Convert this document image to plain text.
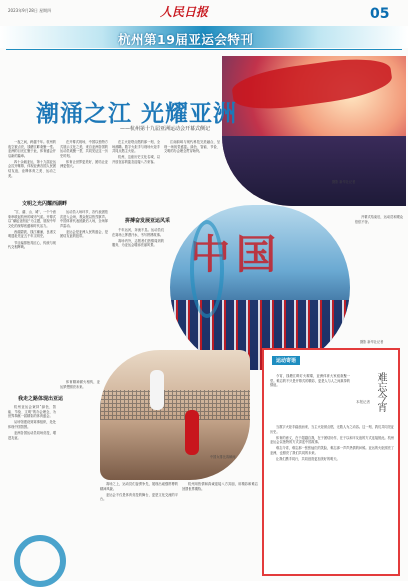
2023年9月28日 星期四	人民日报	05
杭州第19届亚运会特刊
潮涌之江 光耀亚洲
——杭州第十九届亚洲运动会开幕式侧记

一夜之间，跨越千年。杭州的夜空被点亮，钱塘江畔欢聚一堂。亚洲的目光汇聚于此，体育盛会开启新的篇章。

四十余载亚运，第十九届亚运会拉开帷幕，体现亚洲各国人民团结友谊，诠释体育之美、运动之美。

在开幕式现场，中国以独特方式展示文化之美，来自亚洲各国的运动员欢聚一堂，共同见证这一历史时刻。

体育让世界更美好，团结让亚洲更强大。

在主火炬塔点燃的那一刻，全场沸腾。数字火炬手与现场火炬手共同点燃主火炬。

杭州，这座历史文化名城，以开放包容的姿态迎接八方来客。

江南韵味与现代科技完美融合，呈现一场视觉盛宴。绿色、智能、节俭、文明的办会理念贯穿始终。

文明之光闪耀西湖畔

“江、湖、山、城”，一个个意象串联起杭州的城市气质。开幕式以“潮起亚细亚”为主题，展现中华文化的深厚底蕴和时代活力。

西湖碧波，钱江潮涌，良渚文明遗址见证五千年文明史。

节目编排独具匠心，传统与现代交相辉映。

运动员入场环节，各代表团依次进入会场，观众报以热烈掌声。中国体育代表团最后入场，全场掌声雷动。

亚运会是亚洲人民的盛会，是团结友谊的纽带。	中国
拼搏奋发展亚运风采

千年运河，奔流不息。运动员们在赛场上挥洒汗水，书写拼搏故事。

赛场内外，志愿者们热情周到的服务，为亚运会增添亮丽风景。

开幕式结束后，运动员和观众依依不舍。

摄影 新华社记者
摄影 新华社记者
我走之路体现出亚运

杭州亚运会秉持“绿色、智能、节俭、文明”的办会理念，为世界奉献一届精彩的体育盛会。

从场馆建设到赛事组织，处处体现中国智慧。

亚洲各国运动员同场竞技，增进友谊。

体育精神薪火相传，亚运梦想照亮未来。

中国女排比赛瞬间

赛场之上，运动员们奋勇争先，展现出顽强拼搏的精神风貌。

亚运会不仅是体育竞技的舞台，更是文化交流的平台。

杭州用热情和真诚迎接八方宾朋，用精彩和难忘回馈世界期待。

运动寄语
难忘今宵
本报记者

今宵，钱塘江畔灯火璀璨，亚洲体育大家庭欢聚一堂。难忘的不只是开幕式的精彩，更是人与人之间真挚的情谊。

当数字火炬手踏浪而来，当主火炬被点燃，无数人为之动容。这一刻，我们共同见证历史。

体育的意义，在于超越自我，在于团结协作，在于以和平友谊的方式连接彼此。杭州亚运会以独特的方式讲述中国故事。

难忘今宵，难忘那一张张灿烂的笑脸，难忘那一声声热情的问候。亚运的火炬照亮了亚洲，也照亮了我们共同的未来。

让我们携手同行，共同创造更加美好的明天。
